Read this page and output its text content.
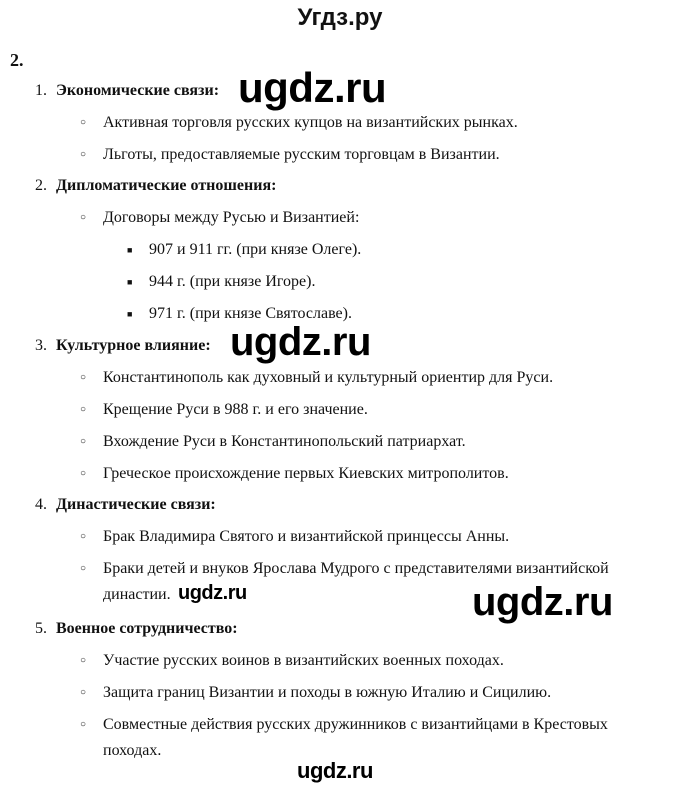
Угдз.ру
2.
1. Экономические связи:
○	Активная торговля русских купцов на византийских рынках.
○	Льготы, предоставляемые русским торговцам в Византии.
2. Дипломатические отношения:
○	Договоры между Русью и Византией:
■	907 и 911 гг. (при князе Олеге).
■	944 г. (при князе Игоре).
■	971 г. (при князе Святославе).
3. Культурное влияние:
○	Константинополь как духовный и культурный ориентир для Руси.
○	Крещение Руси в 988 г. и его значение.
○	Вхождение Руси в Константинопольский патриархат.
○	Греческое происхождение первых Киевских митрополитов.
4. Династические связи:
○	Брак Владимира Святого и византийской принцессы Анны.
○	Браки детей и внуков Ярослава Мудрого с представителями византийской династии.
5. Военное сотрудничество:
○	Участие русских воинов в византийских военных походах.
○	Защита границ Византии и походы в южную Италию и Сицилию.
○	Совместные действия русских дружинников с византийцами в Крестовых походах.
ugdz.ru
ugdz.ru
ugdz.ru	ugdz.ru
ugdz.ru
